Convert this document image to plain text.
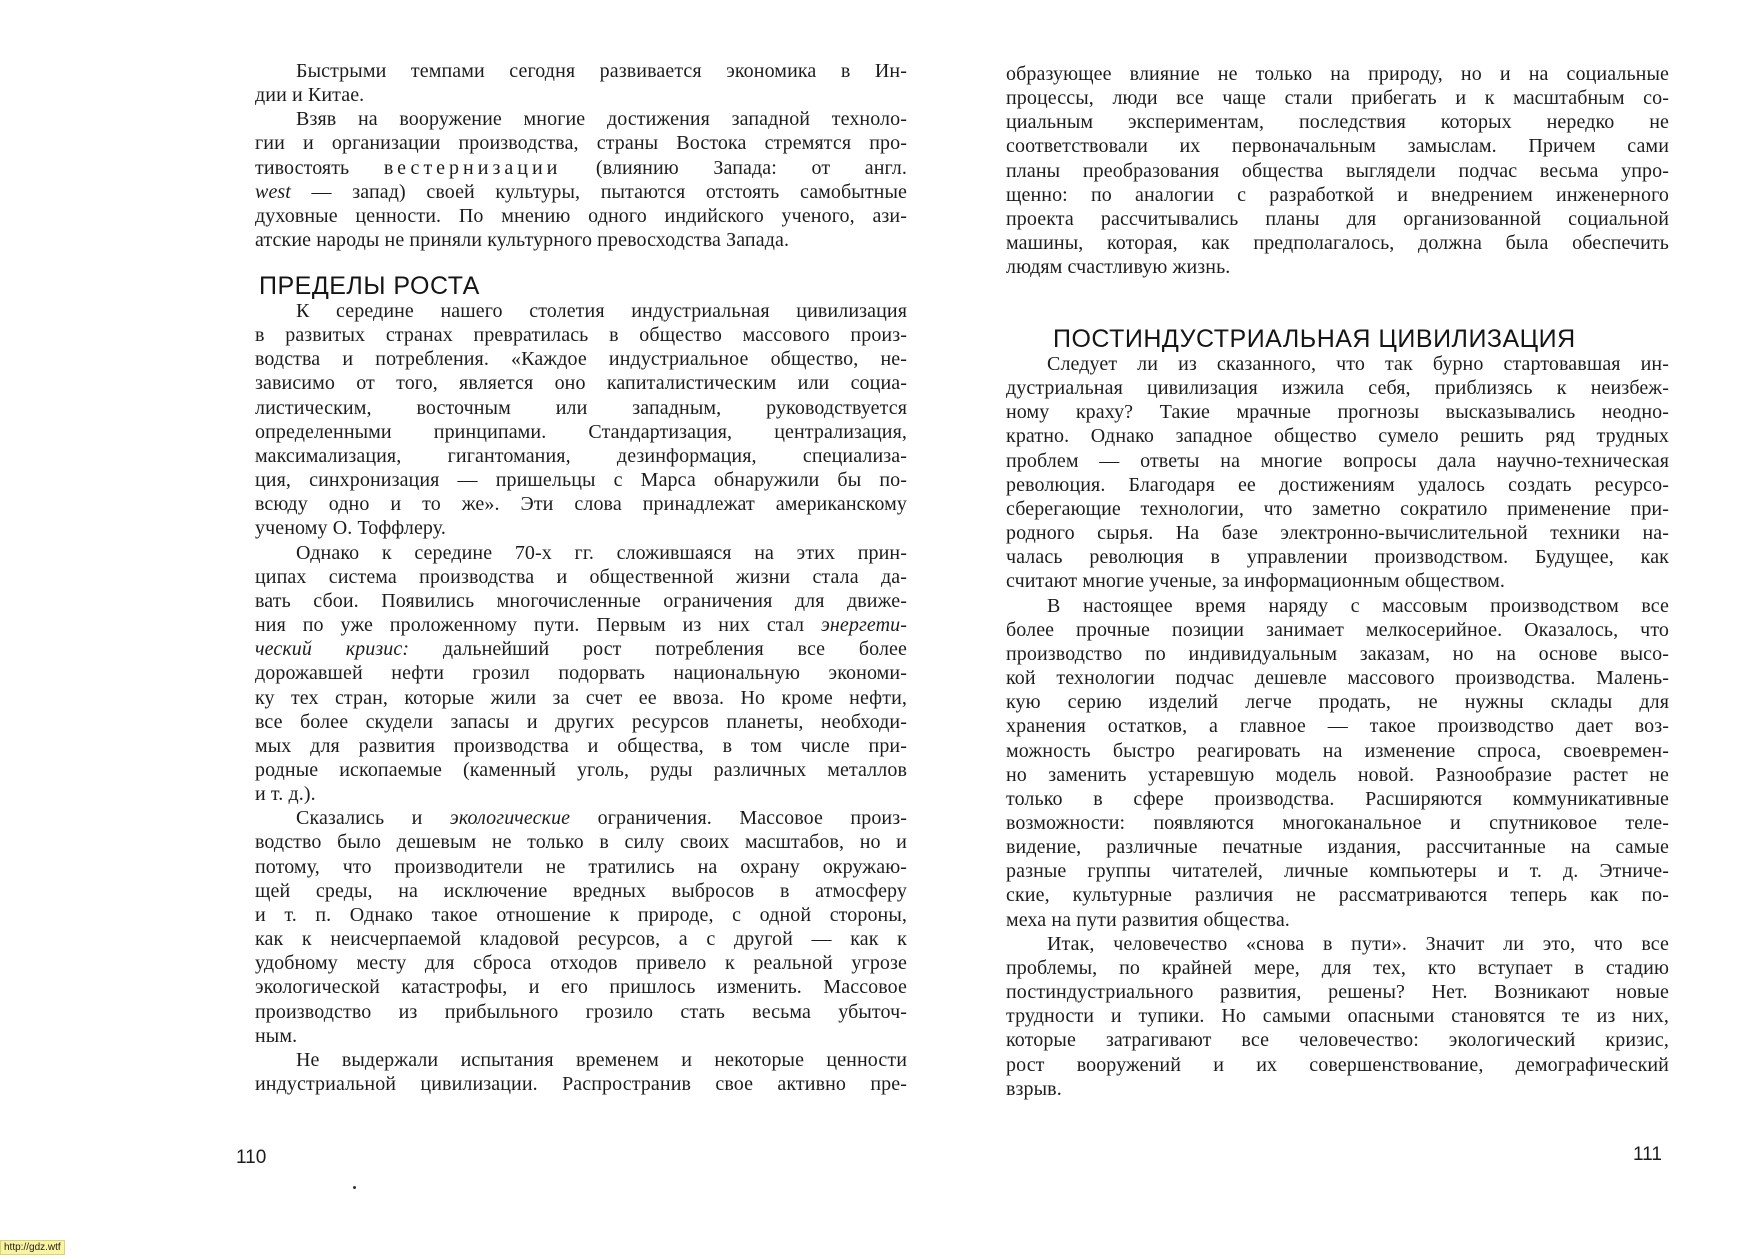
Быстрыми темпами сегодня развивается экономика в Ин-
дии и Китае.

Взяв на вооружение многие достижения западной техноло-
гии и организации производства, страны Востока стремятся про-
тивостоять вестернизации (влиянию Запада: от англ.
west — запад) своей культуры, пытаются отстоять самобытные
духовные ценности. По мнению одного индийского ученого, ази-
атские народы не приняли культурного превосходства Запада.

ПРЕДЕЛЫ РОСТА

К середине нашего столетия индустриальная цивилизация
в развитых странах превратилась в общество массового произ-
водства и потребления. «Каждое индустриальное общество, не-
зависимо от того, является оно капиталистическим или социа-
листическим, восточным или западным, руководствуется
определенными принципами. Стандартизация, централизация,
максимализация, гигантомания, дезинформация, специализа-
ция, синхронизация — пришельцы с Марса обнаружили бы по-
всюду одно и то же». Эти слова принадлежат американскому
ученому О. Тоффлеру.

Однако к середине 70-х гг. сложившаяся на этих прин-
ципах система производства и общественной жизни стала да-
вать сбои. Появились многочисленные ограничения для движе-
ния по уже проложенному пути. Первым из них стал энергети-
ческий кризис: дальнейший рост потребления все более
дорожавшей нефти грозил подорвать национальную экономи-
ку тех стран, которые жили за счет ее ввоза. Но кроме нефти,
все более скудели запасы и других ресурсов планеты, необходи-
мых для развития производства и общества, в том числе при-
родные ископаемые (каменный уголь, руды различных металлов
и т. д.).

Сказались и экологические ограничения. Массовое произ-
водство было дешевым не только в силу своих масштабов, но и
потому, что производители не тратились на охрану окружаю-
щей среды, на исключение вредных выбросов в атмосферу
и т. п. Однако такое отношение к природе, с одной стороны,
как к неисчерпаемой кладовой ресурсов, а с другой — как к
удобному месту для сброса отходов привело к реальной угрозе
экологической катастрофы, и его пришлось изменить. Массовое
производство из прибыльного грозило стать весьма убыточ-
ным.

Не выдержали испытания временем и некоторые ценности
индустриальной цивилизации. Распространив свое активно пре-

110

образующее влияние не только на природу, но и на социальные
процессы, люди все чаще стали прибегать и к масштабным со-
циальным экспериментам, последствия которых нередко не
соответствовали их первоначальным замыслам. Причем сами
планы преобразования общества выглядели подчас весьма упро-
щенно: по аналогии с разработкой и внедрением инженерного
проекта рассчитывались планы для организованной социальной
машины, которая, как предполагалось, должна была обеспечить
людям счастливую жизнь.

ПОСТИНДУСТРИАЛЬНАЯ ЦИВИЛИЗАЦИЯ

Следует ли из сказанного, что так бурно стартовавшая ин-
дустриальная цивилизация изжила себя, приблизясь к неизбеж-
ному краху? Такие мрачные прогнозы высказывались неодно-
кратно. Однако западное общество сумело решить ряд трудных
проблем — ответы на многие вопросы дала научно-техническая
революция. Благодаря ее достижениям удалось создать ресурсо-
сберегающие технологии, что заметно сократило применение при-
родного сырья. На базе электронно-вычислительной техники на-
чалась революция в управлении производством. Будущее, как
считают многие ученые, за информационным обществом.

В настоящее время наряду с массовым производством все
более прочные позиции занимает мелкосерийное. Оказалось, что
производство по индивидуальным заказам, но на основе высо-
кой технологии подчас дешевле массового производства. Малень-
кую серию изделий легче продать, не нужны склады для
хранения остатков, а главное — такое производство дает воз-
можность быстро реагировать на изменение спроса, своевремен-
но заменить устаревшую модель новой. Разнообразие растет не
только в сфере производства. Расширяются коммуникативные
возможности: появляются многоканальное и спутниковое теле-
видение, различные печатные издания, рассчитанные на самые
разные группы читателей, личные компьютеры и т. д. Этниче-
ские, культурные различия не рассматриваются теперь как по-
меха на пути развития общества.

Итак, человечество «снова в пути». Значит ли это, что все
проблемы, по крайней мере, для тех, кто вступает в стадию
постиндустриального развития, решены? Нет. Возникают новые
трудности и тупики. Но самыми опасными становятся те из них,
которые затрагивают все человечество: экологический кризис,
рост вооружений и их совершенствование, демографический
взрыв.

111
http://gdz.wtf
